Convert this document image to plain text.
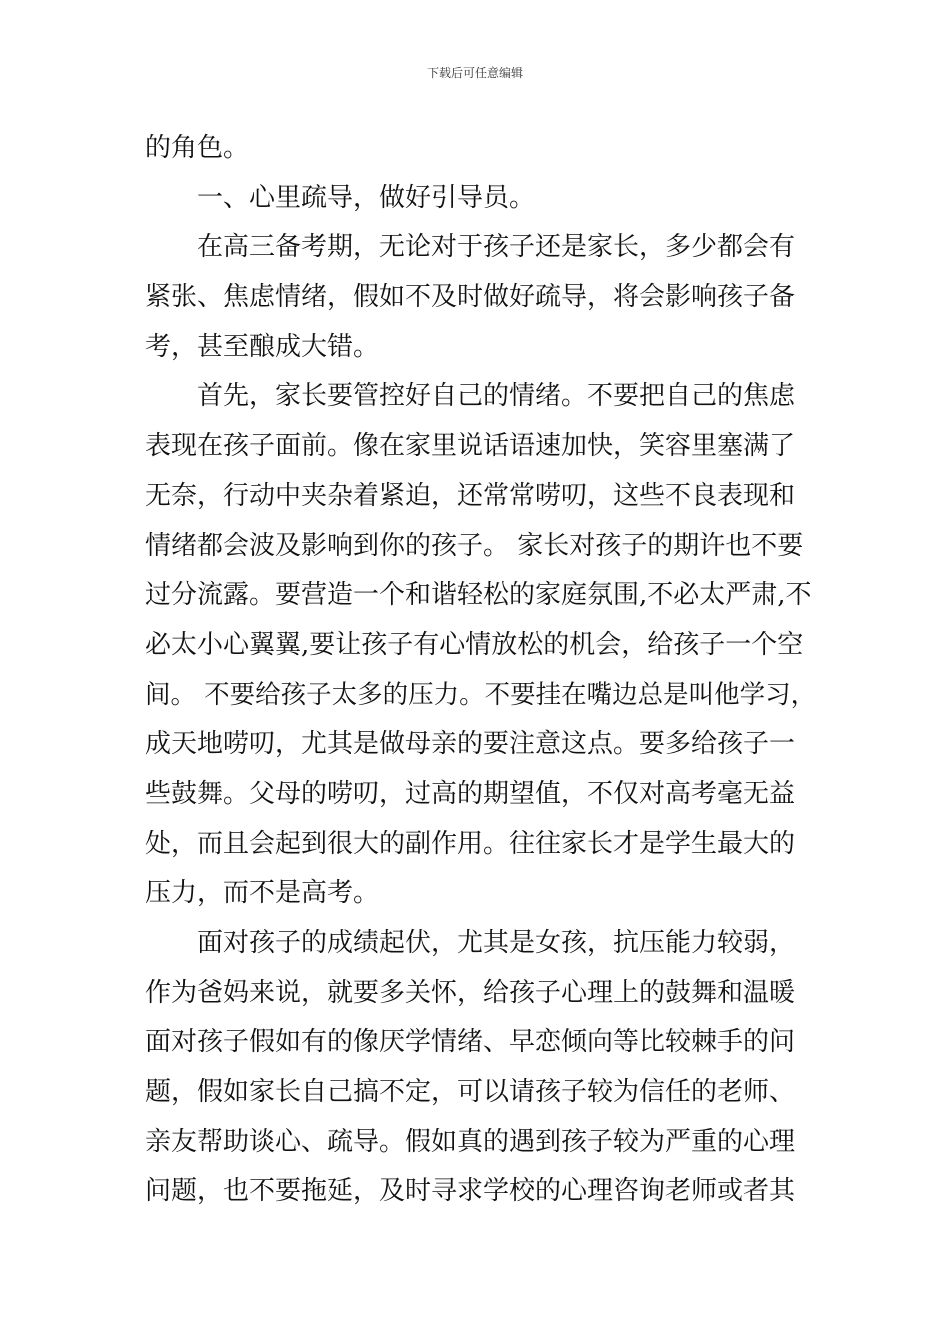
下载后可任意编辑

的角色。

一、心里疏导，做好引导员。

在高三备考期，无论对于孩子还是家长，多少都会有

紧张、焦虑情绪，假如不及时做好疏导，将会影响孩子备

考，甚至酿成大错。

首先，家长要管控好自己的情绪。不要把自己的焦虑

表现在孩子面前。像在家里说话语速加快，笑容里塞满了

无奈，行动中夹杂着紧迫，还常常唠叨，这些不良表现和

情绪都会波及影响到你的孩子。 家长对孩子的期许也不要

过分流露。要营造一个和谐轻松的家庭氛围,不必太严肃,不

必太小心翼翼,要让孩子有心情放松的机会，给孩子一个空

间。 不要给孩子太多的压力。不要挂在嘴边总是叫他学习，

成天地唠叨，尤其是做母亲的要注意这点。要多给孩子一

些鼓舞。父母的唠叨，过高的期望值，不仅对高考毫无益

处，而且会起到很大的副作用。往往家长才是学生最大的

压力，而不是高考。

面对孩子的成绩起伏，尤其是女孩，抗压能力较弱，

作为爸妈来说，就要多关怀，给孩子心理上的鼓舞和温暖

面对孩子假如有的像厌学情绪、早恋倾向等比较棘手的问

题，假如家长自己搞不定，可以请孩子较为信任的老师、

亲友帮助谈心、疏导。假如真的遇到孩子较为严重的心理

问题，也不要拖延，及时寻求学校的心理咨询老师或者其
